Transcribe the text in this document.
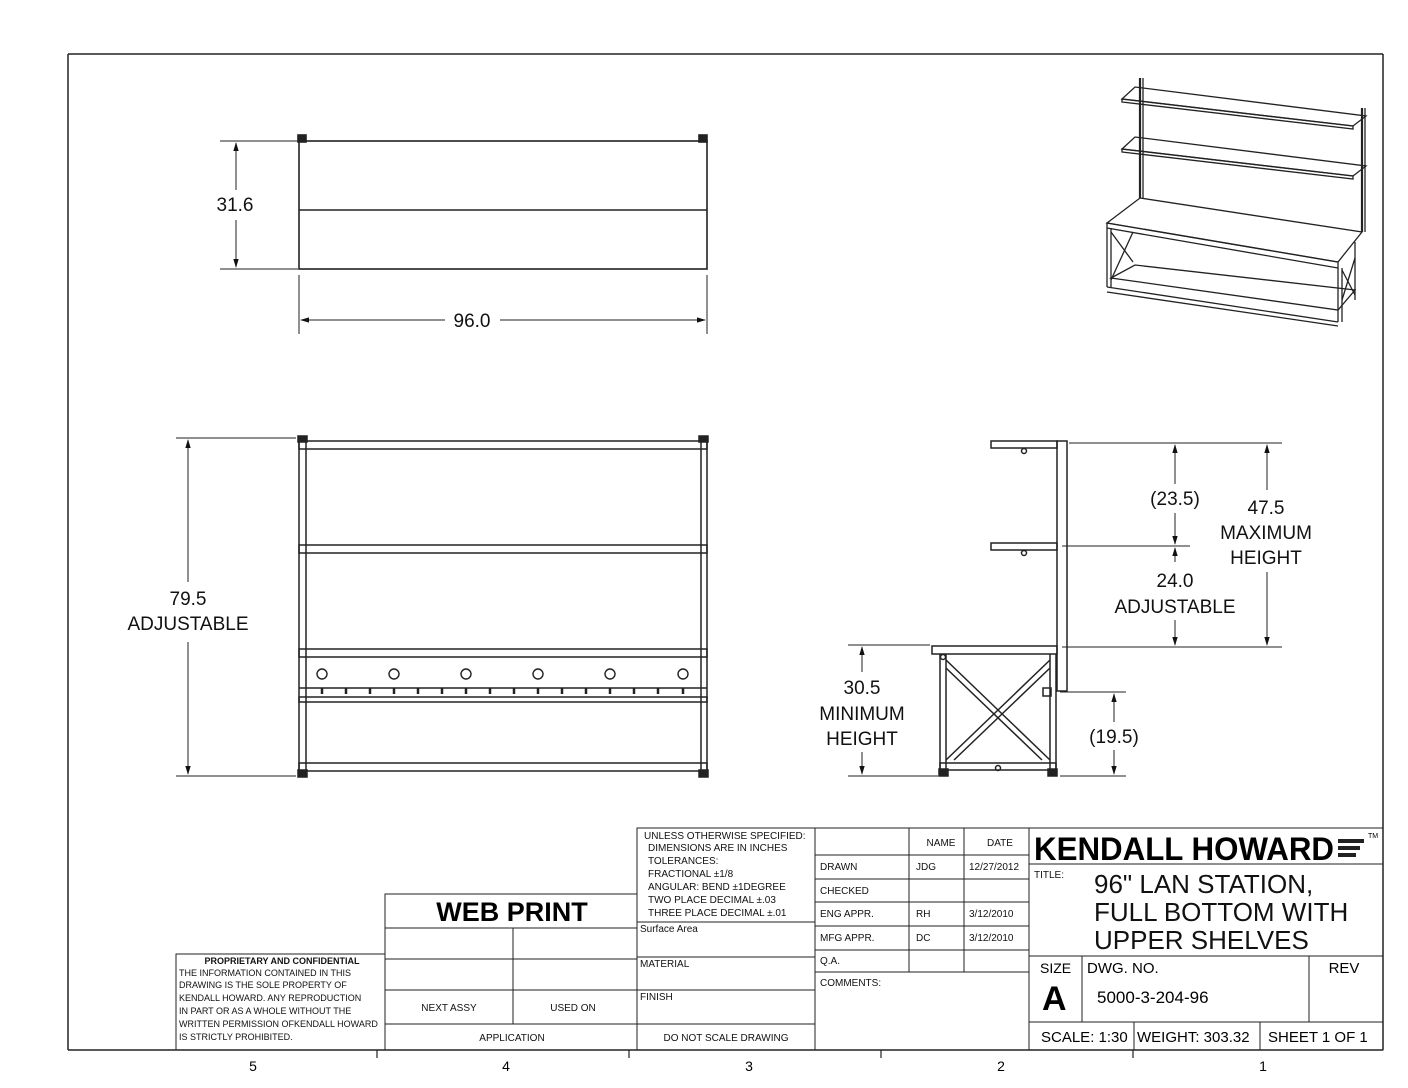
5	4	3	2	1
31.6
96.0
79.5
ADJUSTABLE
(23.5)	47.5
MAXIMUM
HEIGHT
24.0
ADJUSTABLE
30.5
MINIMUM
HEIGHT	(19.5)
PROPRIETARY AND CONFIDENTIAL
THE INFORMATION CONTAINED IN THIS
DRAWING IS THE SOLE PROPERTY OF
KENDALL HOWARD. ANY REPRODUCTION
IN PART OR AS A WHOLE WITHOUT THE
WRITTEN PERMISSION OFKENDALL HOWARD
IS STRICTLY PROHIBITED.
WEB PRINT
NEXT ASSY	USED ON
APPLICATION
UNLESS OTHERWISE SPECIFIED:
DIMENSIONS ARE IN INCHES
TOLERANCES:
FRACTIONAL ±1/8
ANGULAR: BEND ±1DEGREE
TWO PLACE DECIMAL ±.03
THREE PLACE DECIMAL ±.01
Surface Area
MATERIAL
FINISH
DO NOT SCALE DRAWING
NAME	DATE
DRAWN	JDG	12/27/2012
CHECKED
ENG APPR.	RH	3/12/2010
MFG APPR.	DC	3/12/2010
Q.A.
COMMENTS:
KENDALL HOWARD	TM
TITLE: 96" LAN STATION,
FULL BOTTOM WITH
UPPER SHELVES
SIZE
A
DWG. NO.
5000-3-204-96
REV
SCALE: 1:30 WEIGHT: 303.32 SHEET 1 OF 1
